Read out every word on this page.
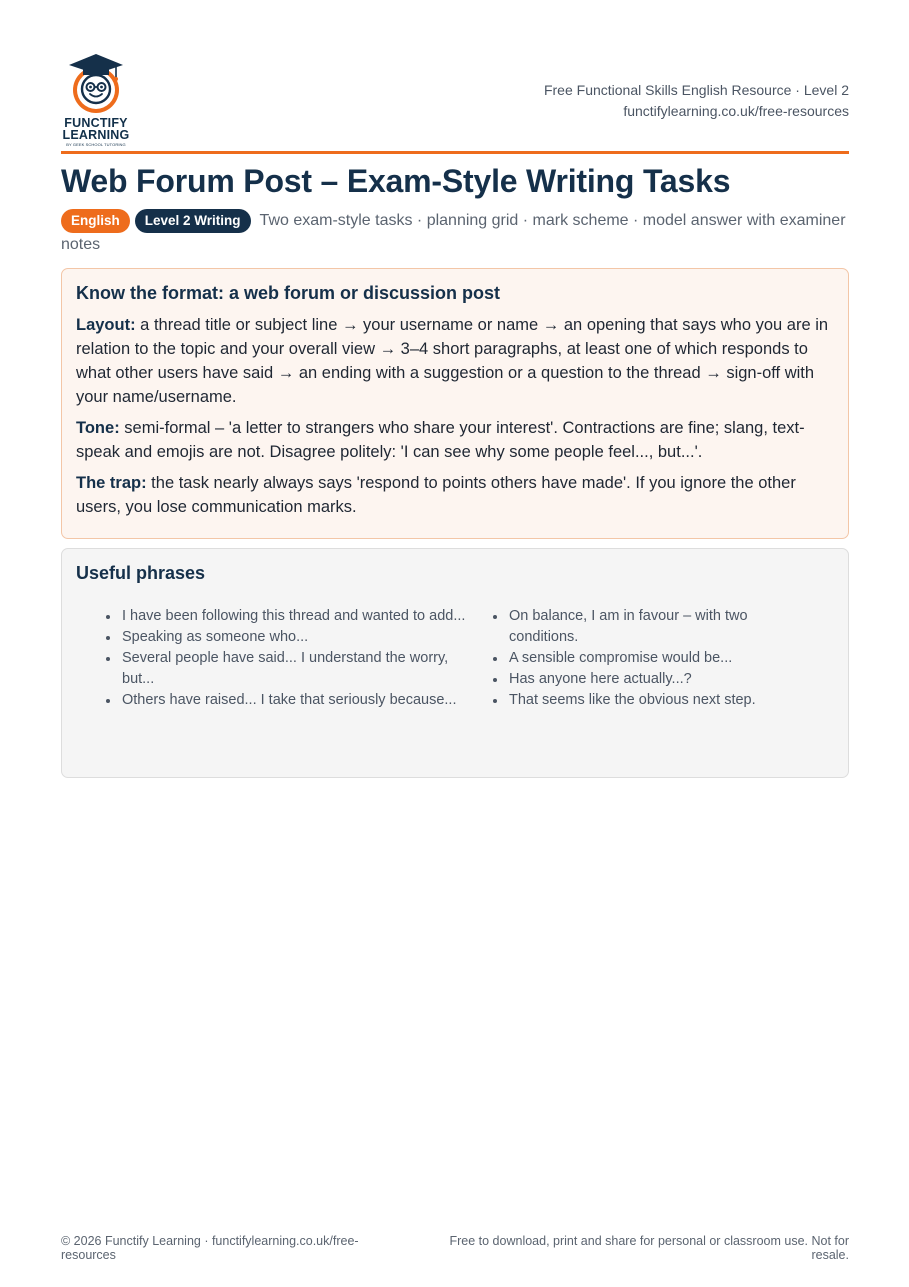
FUNCTIFY
LEARNING
BY GEEK SCHOOL TUTORING
Free Functional Skills English Resource · Level 2
functifylearning.co.uk/free-resources
Web Forum Post – Exam-Style Writing Tasks
English Level 2 Writing Two exam-style tasks · planning grid · mark scheme · model answer with examiner notes
Know the format: a web forum or discussion post

Layout: a thread title or subject line → your username or name → an opening that says who you are in relation to the topic and your overall view → 3–4 short paragraphs, at least one of which responds to what other users have said → an ending with a suggestion or a question to the thread → sign-off with your name/username.

Tone: semi-formal – 'a letter to strangers who share your interest'. Contractions are fine; slang, text-speak and emojis are not. Disagree politely: 'I can see why some people feel..., but...'.

The trap: the task nearly always says 'respond to points others have made'. If you ignore the other users, you lose communication marks.

Useful phrases
I have been following this thread and wanted to add...
Speaking as someone who...
Several people have said... I understand the worry, but...
Others have raised... I take that seriously because...
On balance, I am in favour – with two conditions.
A sensible compromise would be...
Has anyone here actually...?
That seems like the obvious next step.
© 2026 Functify Learning · functifylearning.co.uk/free-resources
Free to download, print and share for personal or classroom use. Not for resale.
